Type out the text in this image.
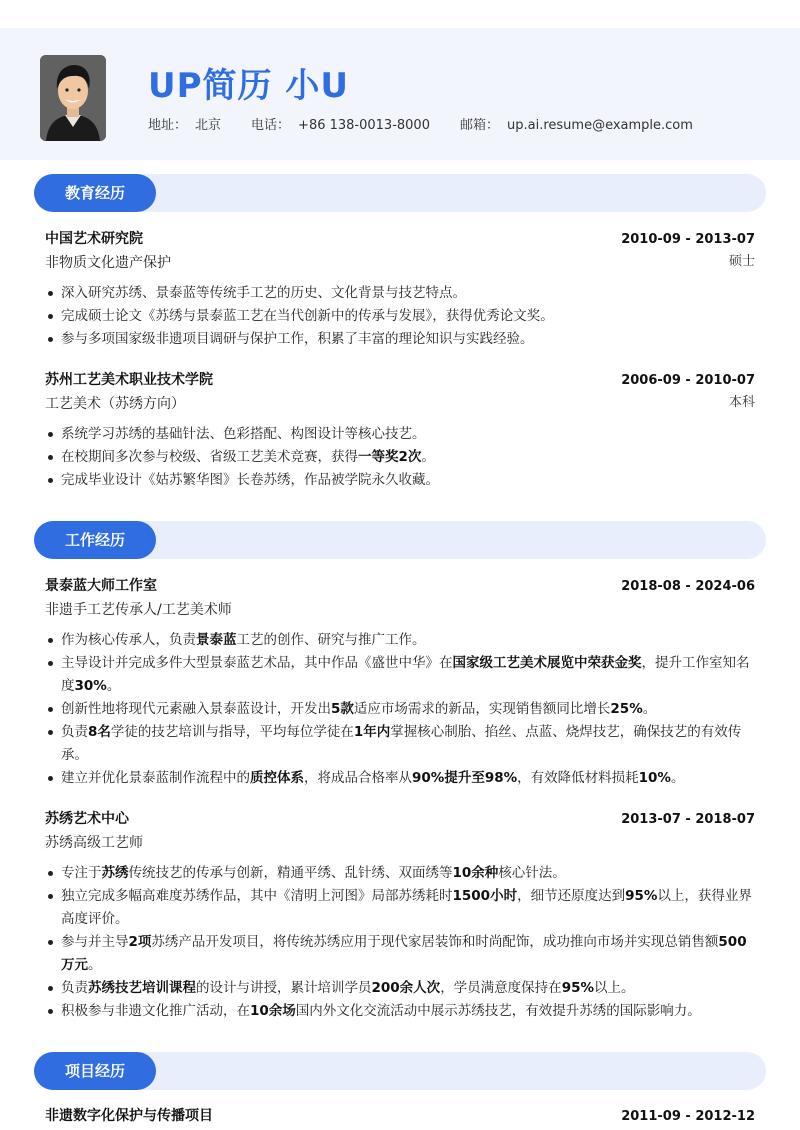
UP简历 小U
地址： 北京 电话： +86 138-0013-8000 邮箱： up.ai.resume@example.com
教育经历
中国艺术研究院	2010-09 - 2013-07
非物质文化遗产保护	硕士
深入研究苏绣、景泰蓝等传统手工艺的历史、文化背景与技艺特点。
完成硕士论文《苏绣与景泰蓝工艺在当代创新中的传承与发展》，获得优秀论文奖。
参与多项国家级非遗项目调研与保护工作，积累了丰富的理论知识与实践经验。
苏州工艺美术职业技术学院	2006-09 - 2010-07
工艺美术（苏绣方向）	本科
系统学习苏绣的基础针法、色彩搭配、构图设计等核心技艺。
在校期间多次参与校级、省级工艺美术竞赛，获得一等奖2次。
完成毕业设计《姑苏繁华图》长卷苏绣，作品被学院永久收藏。
工作经历
景泰蓝大师工作室	2018-08 - 2024-06
非遗手工艺传承人/工艺美术师
作为核心传承人，负责景泰蓝工艺的创作、研究与推广工作。
主导设计并完成多件大型景泰蓝艺术品，其中作品《盛世中华》在国家级工艺美术展览中荣获金奖，提升工作室知名度30%。
创新性地将现代元素融入景泰蓝设计，开发出5款适应市场需求的新品，实现销售额同比增长25%。
负责8名学徒的技艺培训与指导，平均每位学徒在1年内掌握核心制胎、掐丝、点蓝、烧焊技艺，确保技艺的有效传承。
建立并优化景泰蓝制作流程中的质控体系，将成品合格率从90%提升至98%，有效降低材料损耗10%。
苏绣艺术中心	2013-07 - 2018-07
苏绣高级工艺师
专注于苏绣传统技艺的传承与创新，精通平绣、乱针绣、双面绣等10余种核心针法。
独立完成多幅高难度苏绣作品，其中《清明上河图》局部苏绣耗时1500小时，细节还原度达到95%以上，获得业界高度评价。
参与并主导2项苏绣产品开发项目，将传统苏绣应用于现代家居装饰和时尚配饰，成功推向市场并实现总销售额500万元。
负责苏绣技艺培训课程的设计与讲授，累计培训学员200余人次，学员满意度保持在95%以上。
积极参与非遗文化推广活动，在10余场国内外文化交流活动中展示苏绣技艺，有效提升苏绣的国际影响力。
项目经历
非遗数字化保护与传播项目	2011-09 - 2012-12
